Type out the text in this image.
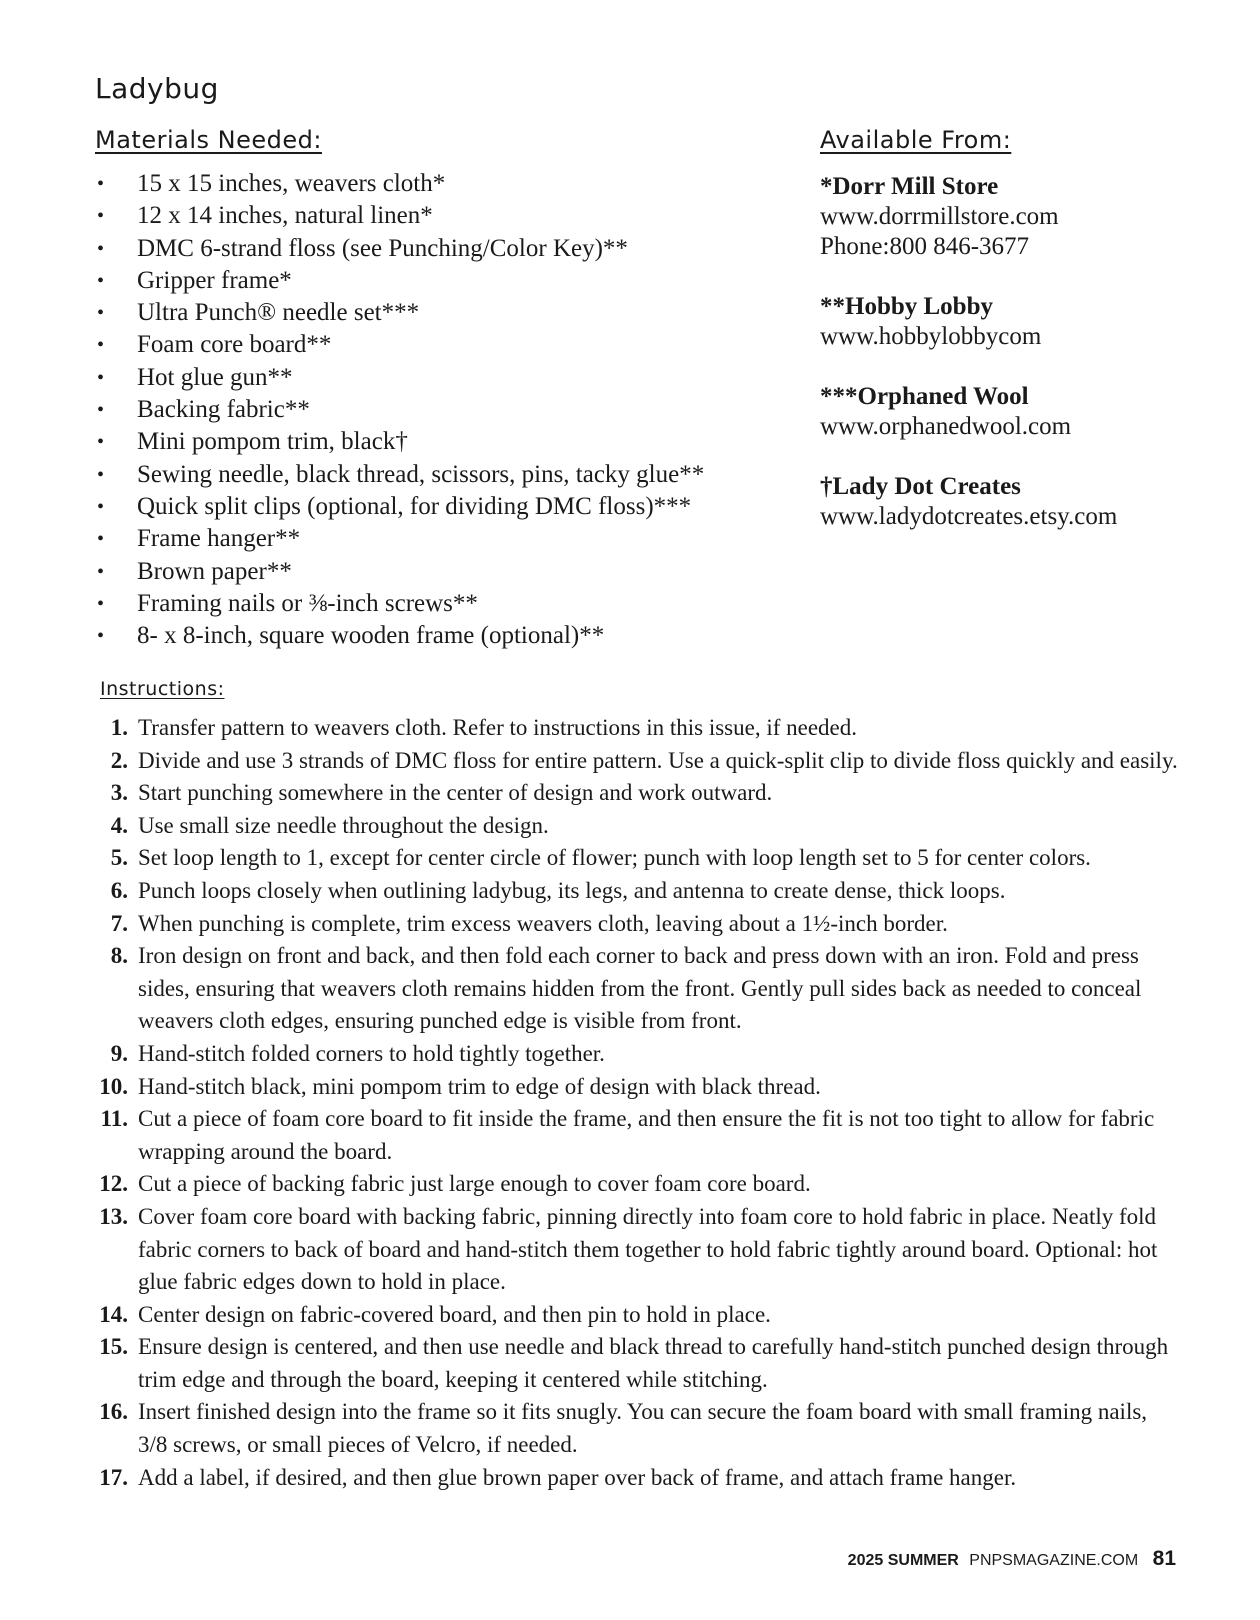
Ladybug
Materials Needed:	Available From:
• 15 x 15 inches, weavers cloth*
• 12 x 14 inches, natural linen*
• DMC 6-strand floss (see Punching/Color Key)**
• Gripper frame*
• Ultra Punch® needle set***
• Foam core board**
• Hot glue gun**
• Backing fabric**
• Mini pompom trim, black†
• Sewing needle, black thread, scissors, pins, tacky glue**
• Quick split clips (optional, for dividing DMC floss)***
• Frame hanger**
• Brown paper**
• Framing nails or ⅜-inch screws**
• 8- x 8-inch, square wooden frame (optional)**
*Dorr Mill Store
www.dorrmillstore.com
Phone:800 846-3677
**Hobby Lobby
www.hobbylobbycom
***Orphaned Wool
www.orphanedwool.com
†Lady Dot Creates
www.ladydotcreates.etsy.com
Instructions:
1. Transfer pattern to weavers cloth. Refer to instructions in this issue, if needed.
2. Divide and use 3 strands of DMC floss for entire pattern. Use a quick-split clip to divide floss quickly and easily.
3. Start punching somewhere in the center of design and work outward.
4. Use small size needle throughout the design.
5. Set loop length to 1, except for center circle of flower; punch with loop length set to 5 for center colors.
6. Punch loops closely when outlining ladybug, its legs, and antenna to create dense, thick loops.
7. When punching is complete, trim excess weavers cloth, leaving about a 1½-inch border.
8. Iron design on front and back, and then fold each corner to back and press down with an iron. Fold and press sides, ensuring that weavers cloth remains hidden from the front. Gently pull sides back as needed to conceal weavers cloth edges, ensuring punched edge is visible from front.
9. Hand-stitch folded corners to hold tightly together.
10. Hand-stitch black, mini pompom trim to edge of design with black thread.
11. Cut a piece of foam core board to fit inside the frame, and then ensure the fit is not too tight to allow for fabric wrapping around the board.
12. Cut a piece of backing fabric just large enough to cover foam core board.
13. Cover foam core board with backing fabric, pinning directly into foam core to hold fabric in place. Neatly fold fabric corners to back of board and hand-stitch them together to hold fabric tightly around board. Optional: hot glue fabric edges down to hold in place.
14. Center design on fabric-covered board, and then pin to hold in place.
15. Ensure design is centered, and then use needle and black thread to carefully hand-stitch punched design through trim edge and through the board, keeping it centered while stitching.
16. Insert finished design into the frame so it fits snugly. You can secure the foam board with small framing nails, 3/8 screws, or small pieces of Velcro, if needed.
17. Add a label, if desired, and then glue brown paper over back of frame, and attach frame hanger.
2025 SUMMER PNPSMAGAZINE.COM 81
